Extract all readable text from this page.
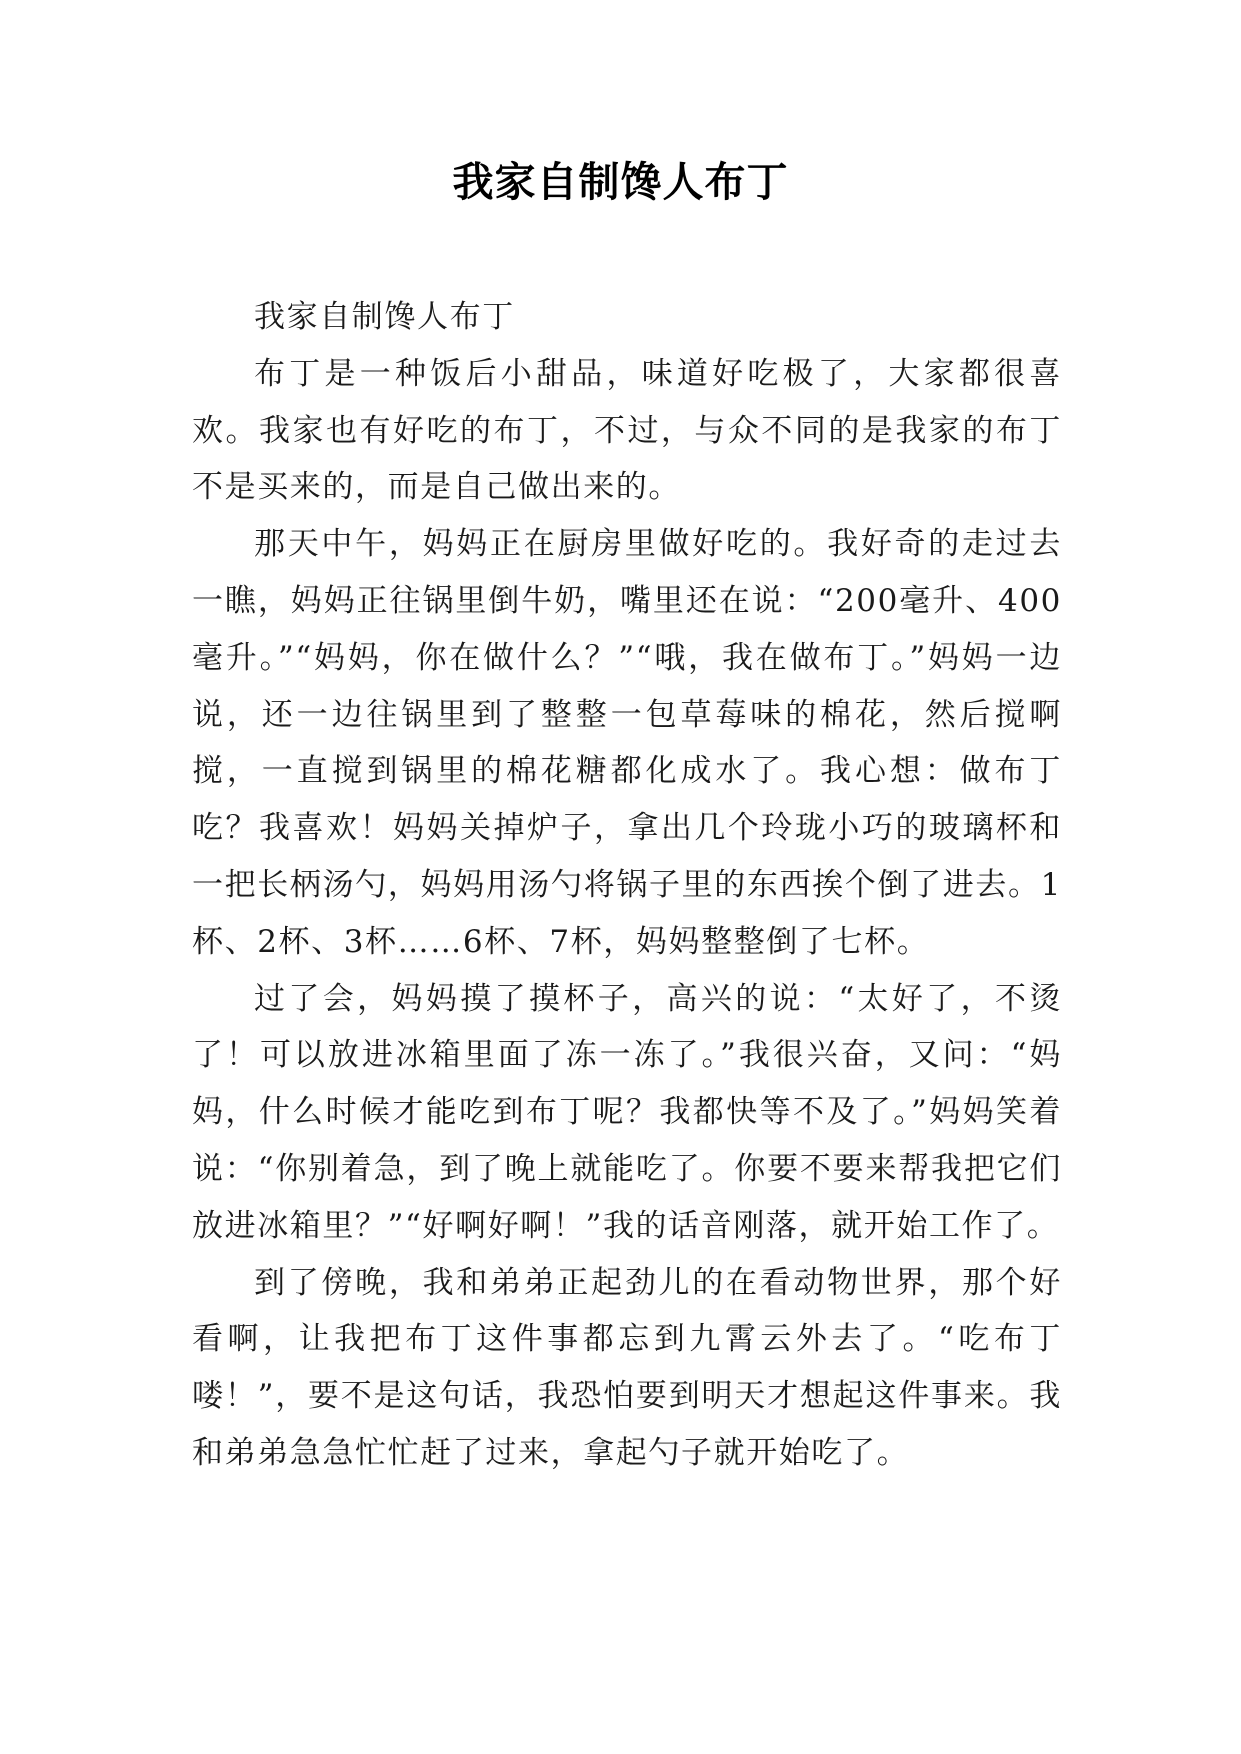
我家自制馋人布丁

我家自制馋人布丁

布丁是一种饭后小甜品，味道好吃极了，大家都很喜欢。我家也有好吃的布丁，不过，与众不同的是我家的布丁不是买来的，而是自己做出来的。

那天中午，妈妈正在厨房里做好吃的。我好奇的走过去一瞧，妈妈正往锅里倒牛奶，嘴里还在说：“200毫升、400毫升。”“妈妈，你在做什么？”“哦，我在做布丁。”妈妈一边说，还一边往锅里到了整整一包草莓味的棉花，然后搅啊搅，一直搅到锅里的棉花糖都化成水了。我心想：做布丁吃？我喜欢！妈妈关掉炉子，拿出几个玲珑小巧的玻璃杯和一把长柄汤勺，妈妈用汤勺将锅子里的东西挨个倒了进去。1杯、2杯、3杯……6杯、7杯，妈妈整整倒了七杯。

过了会，妈妈摸了摸杯子，高兴的说：“太好了，不烫了！可以放进冰箱里面了冻一冻了。”我很兴奋，又问：“妈妈，什么时候才能吃到布丁呢？我都快等不及了。”妈妈笑着说：“你别着急，到了晚上就能吃了。你要不要来帮我把它们放进冰箱里？”“好啊好啊！”我的话音刚落，就开始工作了。

到了傍晚，我和弟弟正起劲儿的在看动物世界，那个好看啊，让我把布丁这件事都忘到九霄云外去了。“吃布丁喽！”，要不是这句话，我恐怕要到明天才想起这件事来。我和弟弟急急忙忙赶了过来，拿起勺子就开始吃了。
